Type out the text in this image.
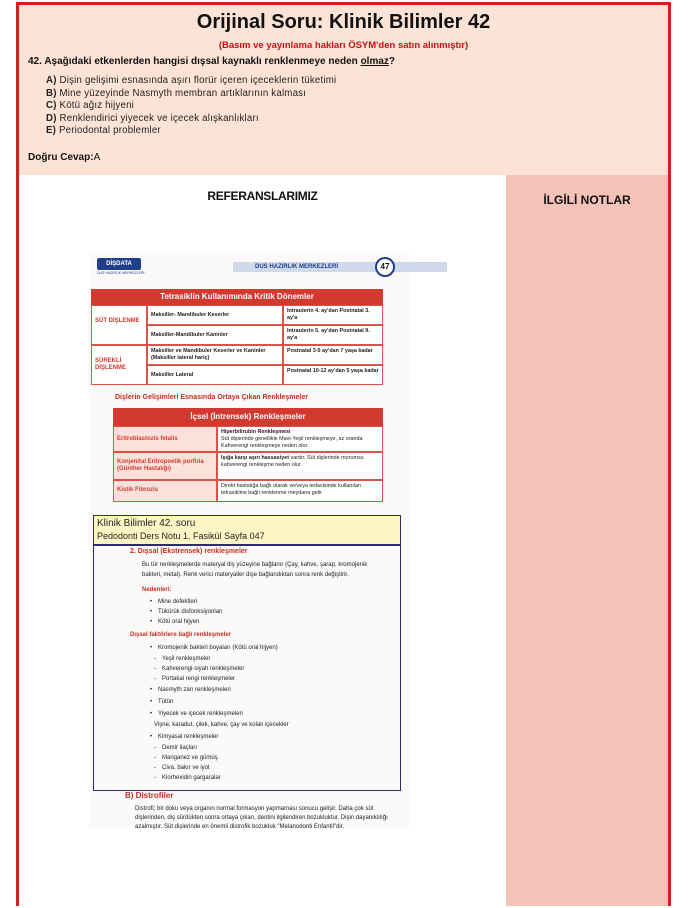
Orijinal Soru: Klinik Bilimler 42
(Basım ve yayınlama hakları ÖSYM'den satın alınmıştır)
42. Aşağıdaki etkenlerden hangisi dışsal kaynaklı renklenmeye neden olmaz?
A) Dişin gelişimi esnasında aşırı florür içeren içeceklerin tüketimi
B) Mine yüzeyinde Nasmyth membran artıklarının kalması
C) Kötü ağız hijyeni
D) Renklendirici yiyecek ve içecek alışkanlıkları
E) Periodontal problemler
Doğru Cevap:A
REFERANSLARIMIZ
DİŞDATA
DUS HAZIRLIK MERKEZLERİ
DUS HAZIRLIK MERKEZLERİ	47
Tetrasiklin Kullanımında Kritik Dönemler
SÜT DİŞLENME
SÜREKLİ DİŞLENME
Maksiller- Mandibuler Keserler
Intrauterin 4. ay'dan Postnatal 3. ay'a
Maksiller-Mandibuler Kaninler
Intrauterin 5. ay'dan Postnatal 9. ay'a
Maksiller ve Mandibuler Keserler ve Kaninler (Maksiller lateral hariç)
Postnatal 3-5 ay'dan 7 yaşa kadar
Maksiller Lateral
Postnatal 10-12 ay'dan 5 yaşa kadar
Dişlerin Gelişimleri Esnasında Ortaya Çıkan Renkleşmeler
İçsel (İntrensek) Renkleşmeler
Eritroblastozis fetalis
Hiperbilirubin Renkleşmesi
Süt dişlerinde genellikle Mavi-Yeşil renkleşmeye, az oranda Kahverengi renkleşmeye neden olur.
Konjenital Eritropoetik porfiria (Günther Hastalığı)
Işığa karşı aşırı hassasiyet vardır. Süt dişlerinde morumsu kahverengi renkleşme neden olur.
Kistik Fibrozis
Direkt hastalığa bağlı olarak ve/veya tedavisinde kullanılan tetrasikline bağlı renklenme meydana gelir.
B) Distrofiler
Distrofi; bir doku veya organın normal formasyon yapmaması sonucu gelişir. Daha çok süt
dişlerinden, diş sürdükten sonra ortaya çıkan, dentini ilgilendiren bozukluktur. Dişin dayanıklılığı
azalmıştır. Süt dişlerinde en önemli distrofik bozukluk "Melanodonti Enfantil"dir.
Klinik Bilimler 42. soru
Pedodonti Ders Notu 1. Fasikül Sayfa 047
2. Dışsal (Ekstrensek) renkleşmeler
Bu tür renkleşmelerde materyal diş yüzeyine bağlanır (Çay, kahve, şarap, kromojenik
bakteri, metal). Renk verici materyaller dişe bağlandıktan sonra renk değiştirir.
Nedenleri:
• Mine defektleri
• Tükürük disfonksiyonları
• Kötü oral hijyen
Dışsal faktörlere bağlı renkleşmeler
• Kromojenik bakteri boyaları (Kötü oral hijyen)
- Yeşil renkleşmeler
- Kahverengi-siyah renkleşmeler
- Portakal rengi renkleşmeler
• Nasmyth zarı renkleşmeleri
• Tütün
• Yiyecek ve içecek renkleşmeleri
Vişne, karadut, çilek, kahve, çay ve kolalı içecekler
• Kimyasal renkleşmeler
- Demir ilaçları
- Manganez ve gümüş
- Civa, bakır ve iyot
- Klorhexidin gargaralar
İLGİLİ NOTLAR
